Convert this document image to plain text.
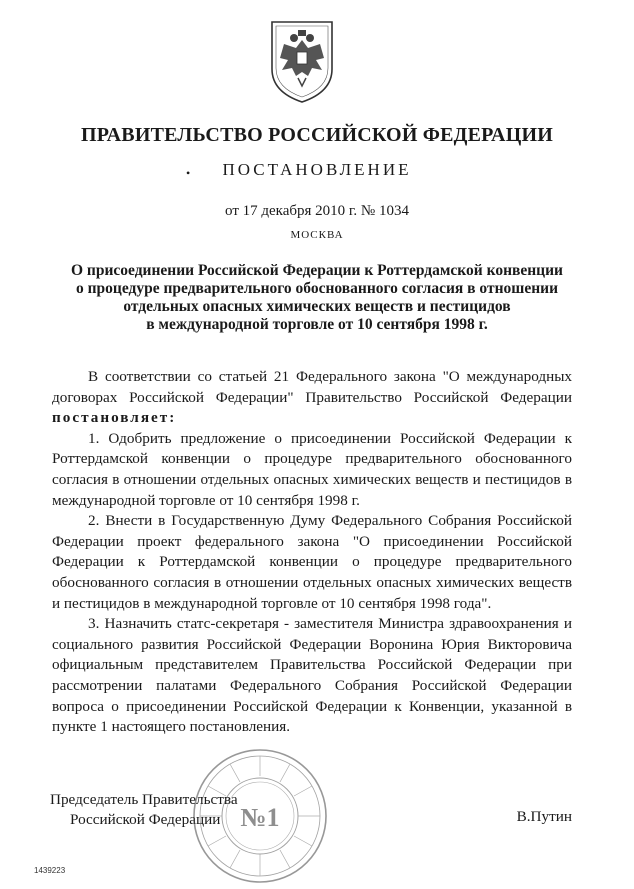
ПРАВИТЕЛЬСТВО РОССИЙСКОЙ ФЕДЕРАЦИИ
•	ПОСТАНОВЛЕНИЕ
от 17 декабря 2010 г. № 1034
МОСКВА
О присоединении Российской Федерации к Роттердамской конвенции
о процедуре предварительного обоснованного согласия в отношении
отдельных опасных химических веществ и пестицидов
в международной торговле от 10 сентября 1998 г.

В соответствии со статьей 21 Федерального закона "О международных договорах Российской Федерации" Правительство Российской Федерации постановляет:

1. Одобрить предложение о присоединении Российской Федерации к Роттердамской конвенции о процедуре предварительного обоснованного согласия в отношении отдельных опасных химических веществ и пестицидов в международной торговле от 10 сентября 1998 г.

2. Внести в Государственную Думу Федерального Собрания Российской Федерации проект федерального закона "О присоединении Российской Федерации к Роттердамской конвенции о процедуре предварительного обоснованного согласия в отношении отдельных опасных химических веществ и пестицидов в международной торговле от 10 сентября 1998 года".

3. Назначить статс-секретаря - заместителя Министра здравоохранения и социального развития Российской Федерации Воронина Юрия Викторовича официальным представителем Правительства Российской Федерации при рассмотрении палатами Федерального Собрания Российской Федерации вопроса о присоединении Российской Федерации к Конвенции, указанной в пункте 1 настоящего постановления.

Председатель Правительства
Российской Федерации	В.Путин
№1
1439223
